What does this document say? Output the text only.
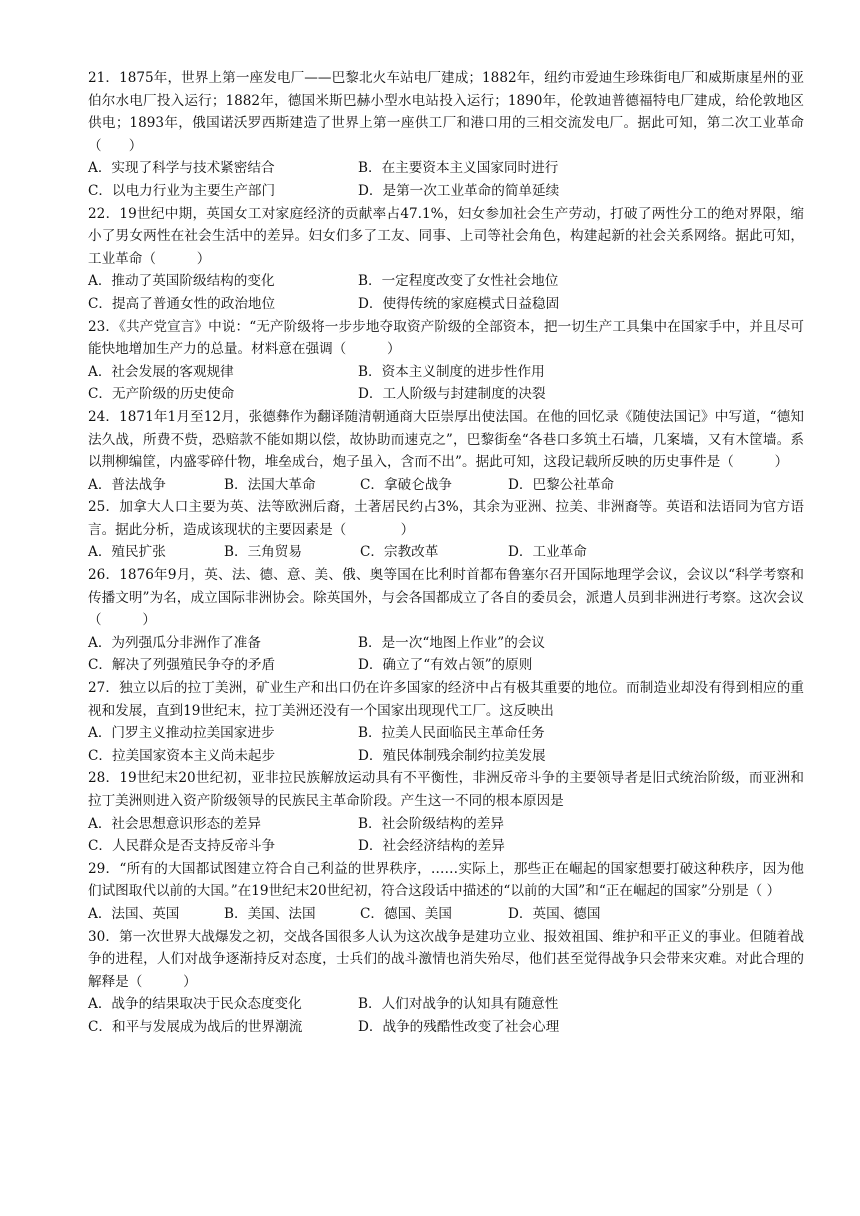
21．1875年，世界上第一座发电厂——巴黎北火车站电厂建成；1882年，纽约市爱迪生珍珠街电厂和威斯康星州的亚伯尔水电厂投入运行；1882年，德国米斯巴赫小型水电站投入运行；1890年，伦敦迪普德福特电厂建成，给伦敦地区供电；1893年，俄国诺沃罗西斯建造了世界上第一座供工厂和港口用的三相交流发电厂。据此可知，第二次工业革命（　　）

A．实现了科学与技术紧密结合	B．在主要资本主义国家同时进行
C．以电力行业为主要生产部门	D．是第一次工业革命的简单延续

22．19世纪中期，英国女工对家庭经济的贡献率占47.1%，妇女参加社会生产劳动，打破了两性分工的绝对界限，缩小了男女两性在社会生活中的差异。妇女们多了工友、同事、上司等社会角色，构建起新的社会关系网络。据此可知，工业革命（　　　）

A．推动了英国阶级结构的变化	B．一定程度改变了女性社会地位
C．提高了普通女性的政治地位	D．使得传统的家庭模式日益稳固

23．《共产党宣言》中说：“无产阶级将一步步地夺取资产阶级的全部资本，把一切生产工具集中在国家手中，并且尽可能快地增加生产力的总量。材料意在强调（　　　）

A．社会发展的客观规律	B．资本主义制度的进步性作用
C．无产阶级的历史使命	D．工人阶级与封建制度的决裂

24．1871年1月至12月，张德彝作为翻译随清朝通商大臣崇厚出使法国。在他的回忆录《随使法国记》中写道，“德知法久战，所费不赀，恐赔款不能如期以偿，故协助而速克之”，巴黎街垒“各巷口多筑土石墙，几案墙，又有木筐墙。系以荆柳编筐，内盛零碎什物，堆垒成台，炮子虽入，含而不出”。据此可知，这段记载所反映的历史事件是（　　　）

A．普法战争	B．法国大革命	C．拿破仑战争	D．巴黎公社革命

25．加拿大人口主要为英、法等欧洲后裔，土著居民约占3%，其余为亚洲、拉美、非洲裔等。英语和法语同为官方语言。据此分析，造成该现状的主要因素是（　　　　）

A．殖民扩张	B．三角贸易	C．宗教改革	D．工业革命

26．1876年9月，英、法、德、意、美、俄、奥等国在比利时首都布鲁塞尔召开国际地理学会议，会议以“科学考察和传播文明”为名，成立国际非洲协会。除英国外，与会各国都成立了各自的委员会，派遣人员到非洲进行考察。这次会议（　　　）

A．为列强瓜分非洲作了准备	B．是一次“地图上作业”的会议
C．解决了列强殖民争夺的矛盾	D．确立了“有效占领”的原则

27．独立以后的拉丁美洲，矿业生产和出口仍在许多国家的经济中占有极其重要的地位。而制造业却没有得到相应的重视和发展，直到19世纪末，拉丁美洲还没有一个国家出现现代工厂。这反映出

A．门罗主义推动拉美国家进步	B．拉美人民面临民主革命任务
C．拉美国家资本主义尚未起步	D．殖民体制残余制约拉美发展

28．19世纪末20世纪初，亚非拉民族解放运动具有不平衡性，非洲反帝斗争的主要领导者是旧式统治阶级，而亚洲和拉丁美洲则进入资产阶级领导的民族民主革命阶段。产生这一不同的根本原因是

A．社会思想意识形态的差异	B．社会阶级结构的差异
C．人民群众是否支持反帝斗争	D．社会经济结构的差异

29．“所有的大国都试图建立符合自己利益的世界秩序，……实际上，那些正在崛起的国家想要打破这种秩序，因为他们试图取代以前的大国。”在19世纪末20世纪初，符合这段话中描述的“以前的大国”和“正在崛起的国家”分别是（ ）

A．法国、英国	B．美国、法国	C．德国、美国	D．英国、德国

30．第一次世界大战爆发之初，交战各国很多人认为这次战争是建功立业、报效祖国、维护和平正义的事业。但随着战争的进程，人们对战争逐渐持反对态度，士兵们的战斗激情也消失殆尽，他们甚至觉得战争只会带来灾难。对此合理的解释是（　　　）

A．战争的结果取决于民众态度变化	B．人们对战争的认知具有随意性
C．和平与发展成为战后的世界潮流	D．战争的残酷性改变了社会心理
